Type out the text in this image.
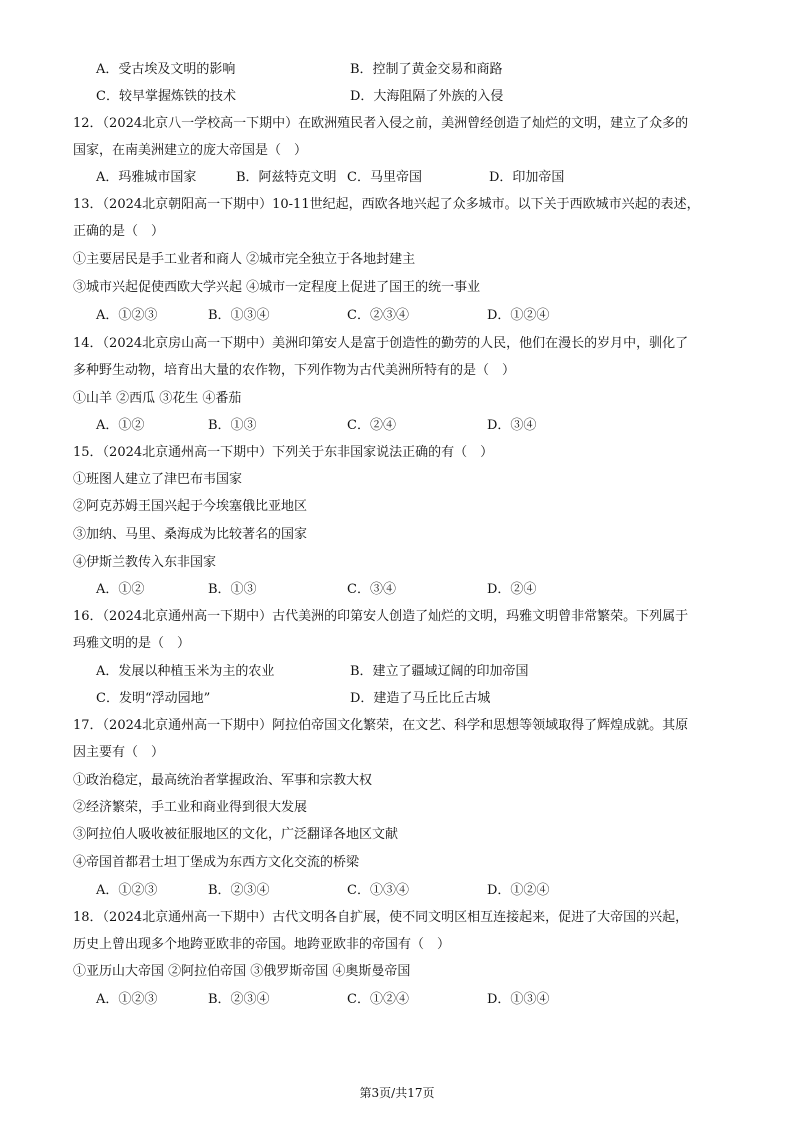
A．受古埃及文明的影响	B．控制了黄金交易和商路
C．较早掌握炼铁的技术	D．大海阻隔了外族的入侵
12．（2024北京八一学校高一下期中）在欧洲殖民者入侵之前，美洲曾经创造了灿烂的文明，建立了众多的
国家，在南美洲建立的庞大帝国是（　）
A．玛雅城市国家	B．阿兹特克文明 C．马里帝国	D．印加帝国
13．（2024北京朝阳高一下期中）10-11世纪起，西欧各地兴起了众多城市。以下关于西欧城市兴起的表述，
正确的是（　）
①主要居民是手工业者和商人 ②城市完全独立于各地封建主
③城市兴起促使西欧大学兴起 ④城市一定程度上促进了国王的统一事业
A．①②③	B．①③④	C．②③④	D．①②④
14．（2024北京房山高一下期中）美洲印第安人是富于创造性的勤劳的人民，他们在漫长的岁月中，驯化了
多种野生动物，培育出大量的农作物，下列作物为古代美洲所特有的是（　）
①山羊 ②西瓜 ③花生 ④番茄
A．①②	B．①③	C．②④	D．③④
15．（2024北京通州高一下期中）下列关于东非国家说法正确的有（　）
①班图人建立了津巴布韦国家
②阿克苏姆王国兴起于今埃塞俄比亚地区
③加纳、马里、桑海成为比较著名的国家
④伊斯兰教传入东非国家
A．①②	B．①③	C．③④	D．②④
16．（2024北京通州高一下期中）古代美洲的印第安人创造了灿烂的文明，玛雅文明曾非常繁荣。下列属于
玛雅文明的是（　）
A．发展以种植玉米为主的农业	B．建立了疆域辽阔的印加帝国
C．发明“浮动园地”	D．建造了马丘比丘古城
17．（2024北京通州高一下期中）阿拉伯帝国文化繁荣，在文艺、科学和思想等领域取得了辉煌成就。其原
因主要有（　）
①政治稳定，最高统治者掌握政治、军事和宗教大权
②经济繁荣，手工业和商业得到很大发展
③阿拉伯人吸收被征服地区的文化，广泛翻译各地区文献
④帝国首都君士坦丁堡成为东西方文化交流的桥梁
A．①②③	B．②③④	C．①③④	D．①②④
18．（2024北京通州高一下期中）古代文明各自扩展，使不同文明区相互连接起来，促进了大帝国的兴起，
历史上曾出现多个地跨亚欧非的帝国。地跨亚欧非的帝国有（　）
①亚历山大帝国 ②阿拉伯帝国 ③俄罗斯帝国 ④奥斯曼帝国
A．①②③	B．②③④	C．①②④	D．①③④
第3页/共17页
